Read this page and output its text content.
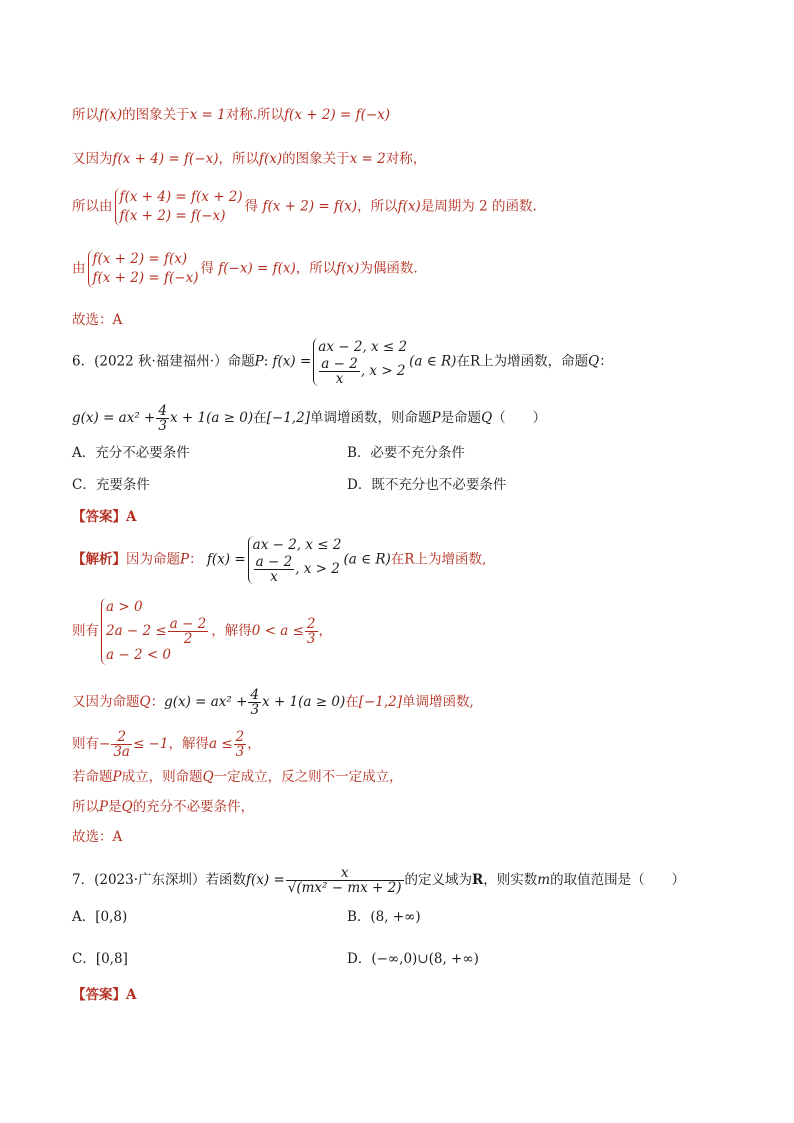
所以f(x)的图象关于x = 1对称.所以f(x + 2) = f(−x)
又因为f(x + 4) = f(−x)，所以f(x)的图象关于x = 2对称，
所以由
f(x + 4) = f(x + 2)
f(x + 2) = f(−x)
得 f(x + 2) = f(x)，所以f(x)是周期为 2 的函数.
由
f(x + 2) = f(x)
f(x + 2) = f(−x)
得 f(−x) = f(x)，所以f(x)为偶函数.
故选：A
6．(2022 秋·福建福州·）命题P: f(x) =
ax − 2, x ≤ 2
$\frac{a - 2}{x}$ , x > 2
(a ∈ R)在R上为增函数，命题Q：
$g(x) = ax^2 + \frac{4}{3}$ x + 1(a ≥ 0)在[−1,2]单调增函数，则命题P是命题Q（　　）
A．充分不必要条件	B．必要不充分条件
C．充要条件	D．既不充分也不必要条件
【答案】A
【解析】因为命题P： f(x) =
ax − 2, x ≤ 2
$\frac{a - 2}{x}$ , x > 2
(a ∈ R)在R上为增函数,
则有
a > 0
$2a - 2 \le \frac{a - 2}{2}$
a − 2 < 0
，解得$0 < a \le \frac{2}{3}$ ，
又因为命题Q：$g(x) = ax^2 + \frac{4}{3}$ x + 1(a ≥ 0)在[−1,2]单调增函数,
则有− $\frac{2}{3a} \le -1$，解得$a \le \frac{2}{3}$ ，
若命题P成立，则命题Q一定成立，反之则不一定成立，
所以P是Q的充分不必要条件，
故选：A
7．(2023·广东深圳）若函数$f(x) = \frac{x}{\text{√(mx² − mx + 2)}}$ 的定义域为R，则实数m的取值范围是（　　）
A．[0,8)	B．(8, +∞)
C．[0,8]	D．(−∞,0)∪(8, +∞)
【答案】A
